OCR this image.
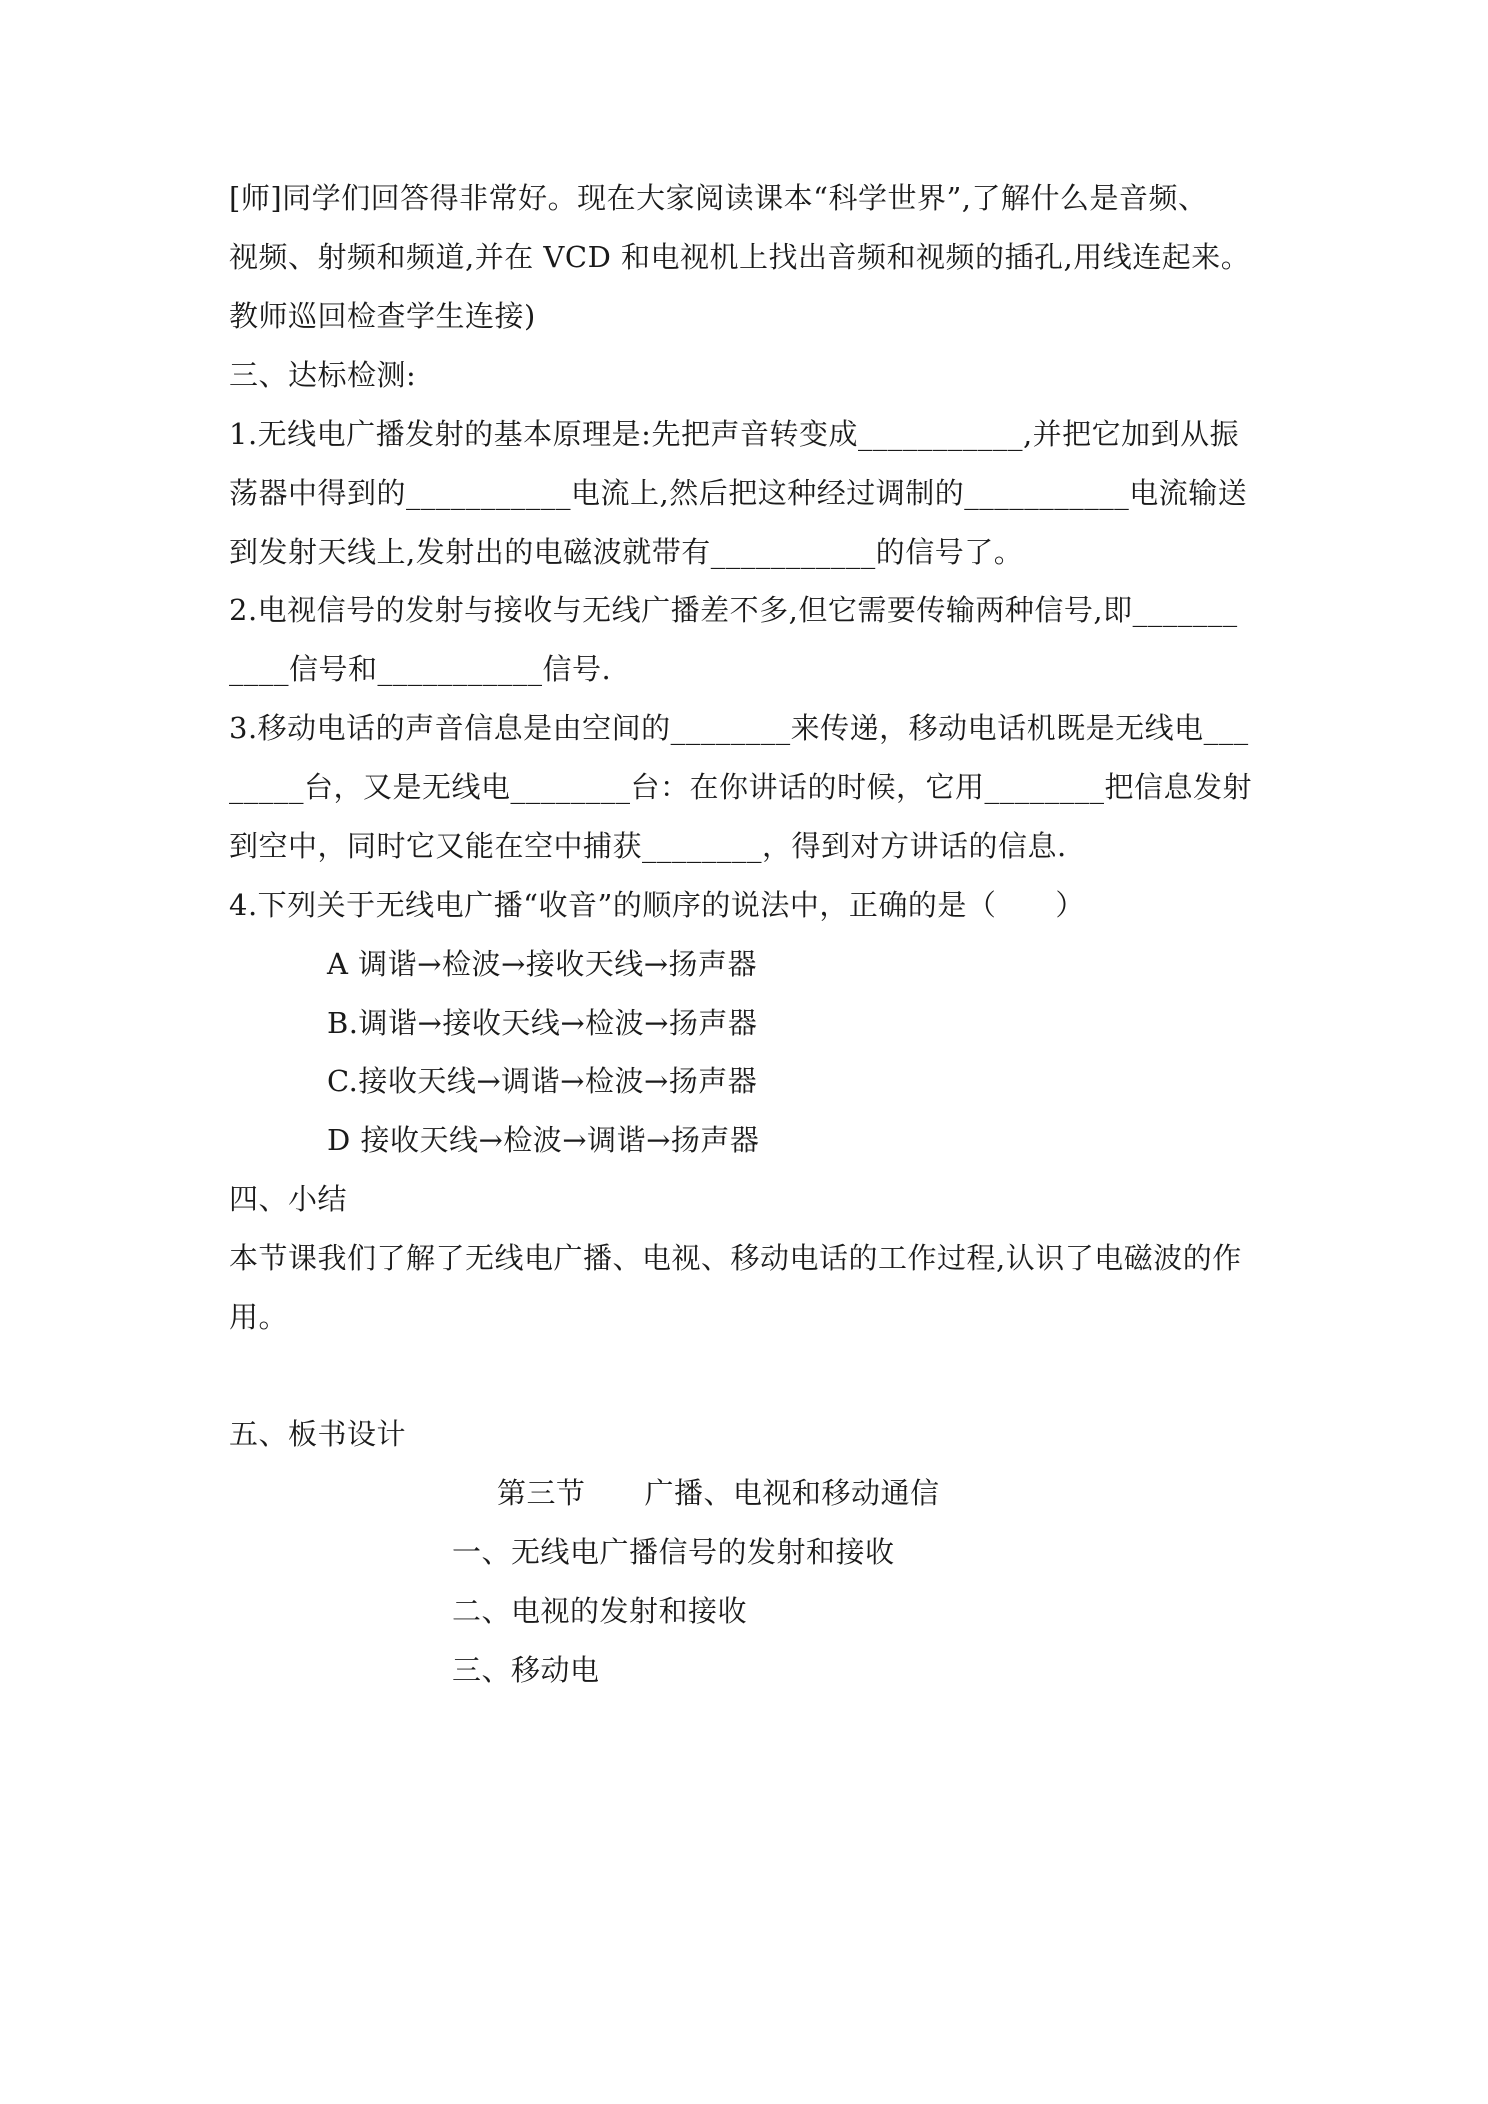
[师]同学们回答得非常好。现在大家阅读课本“科学世界”,了解什么是音频、
视频、射频和频道,并在 VCD 和电视机上找出音频和视频的插孔,用线连起来。
教师巡回检查学生连接)
三、达标检测:
1.无线电广播发射的基本原理是:先把声音转变成___________,并把它加到从振
荡器中得到的___________电流上,然后把这种经过调制的___________电流输送
到发射天线上,发射出的电磁波就带有___________的信号了。
2.电视信号的发射与接收与无线广播差不多,但它需要传输两种信号,即_______
____信号和___________信号.
3.移动电话的声音信息是由空间的________来传递，移动电话机既是无线电___
_____台，又是无线电________台：在你讲话的时候，它用________把信息发射
到空中，同时它又能在空中捕获________，得到对方讲话的信息.
4.下列关于无线电广播“收音”的顺序的说法中，正确的是（　　）
A 调谐→检波→接收天线→扬声器
B.调谐→接收天线→检波→扬声器
C.接收天线→调谐→检波→扬声器
D 接收天线→检波→调谐→扬声器
四、小结
本节课我们了解了无线电广播、电视、移动电话的工作过程,认识了电磁波的作
用。
五、板书设计
第三节　　广播、电视和移动通信
一、无线电广播信号的发射和接收
二、电视的发射和接收
三、移动电
